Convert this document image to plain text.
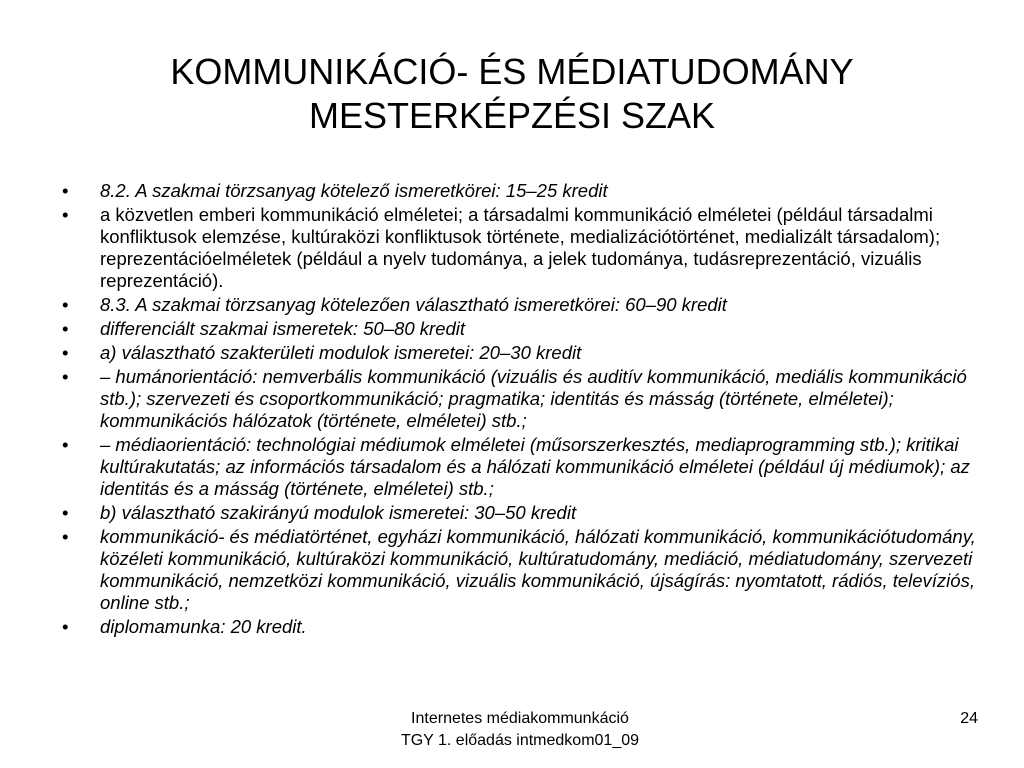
KOMMUNIKÁCIÓ- ÉS MÉDIATUDOMÁNY
MESTERKÉPZÉSI SZAK
•	8.2. A szakmai törzsanyag kötelező ismeretkörei: 15–25 kredit
•	a közvetlen emberi kommunikáció elméletei; a társadalmi kommunikáció elméletei (például társadalmi konfliktusok elemzése, kultúraközi konfliktusok története, medializációtörténet, medializált társadalom); reprezentációelméletek (például a nyelv tudománya, a jelek tudománya, tudásreprezentáció, vizuális reprezentáció).
•	8.3. A szakmai törzsanyag kötelezően választható ismeretkörei: 60–90 kredit
•	differenciált szakmai ismeretek: 50–80 kredit
•	a) választható szakterületi modulok ismeretei: 20–30 kredit
•	– humánorientáció: nemverbális kommunikáció (vizuális és auditív kommunikáció, mediális kommunikáció stb.); szervezeti és csoportkommunikáció; pragmatika; identitás és másság (története, elméletei); kommunikációs hálózatok (története, elméletei) stb.;
•	– médiaorientáció: technológiai médiumok elméletei (műsorszerkesztés, mediaprogramming stb.); kritikai kultúrakutatás; az információs társadalom és a hálózati kommunikáció elméletei (például új médiumok); az identitás és a másság (története, elméletei) stb.;
•	b) választható szakirányú modulok ismeretei: 30–50 kredit
•	kommunikáció- és médiatörténet, egyházi kommunikáció, hálózati kommunikáció, kommunikációtudomány, közéleti kommunikáció, kultúraközi kommunikáció, kultúratudomány, mediáció, médiatudomány, szervezeti kommunikáció, nemzetközi kommunikáció, vizuális kommunikáció, újságírás: nyomtatott, rádiós, televíziós, online stb.;
•	diplomamunka: 20 kredit.
Internetes médiakommunkáció
TGY 1. előadás intmedkom01_09
24
